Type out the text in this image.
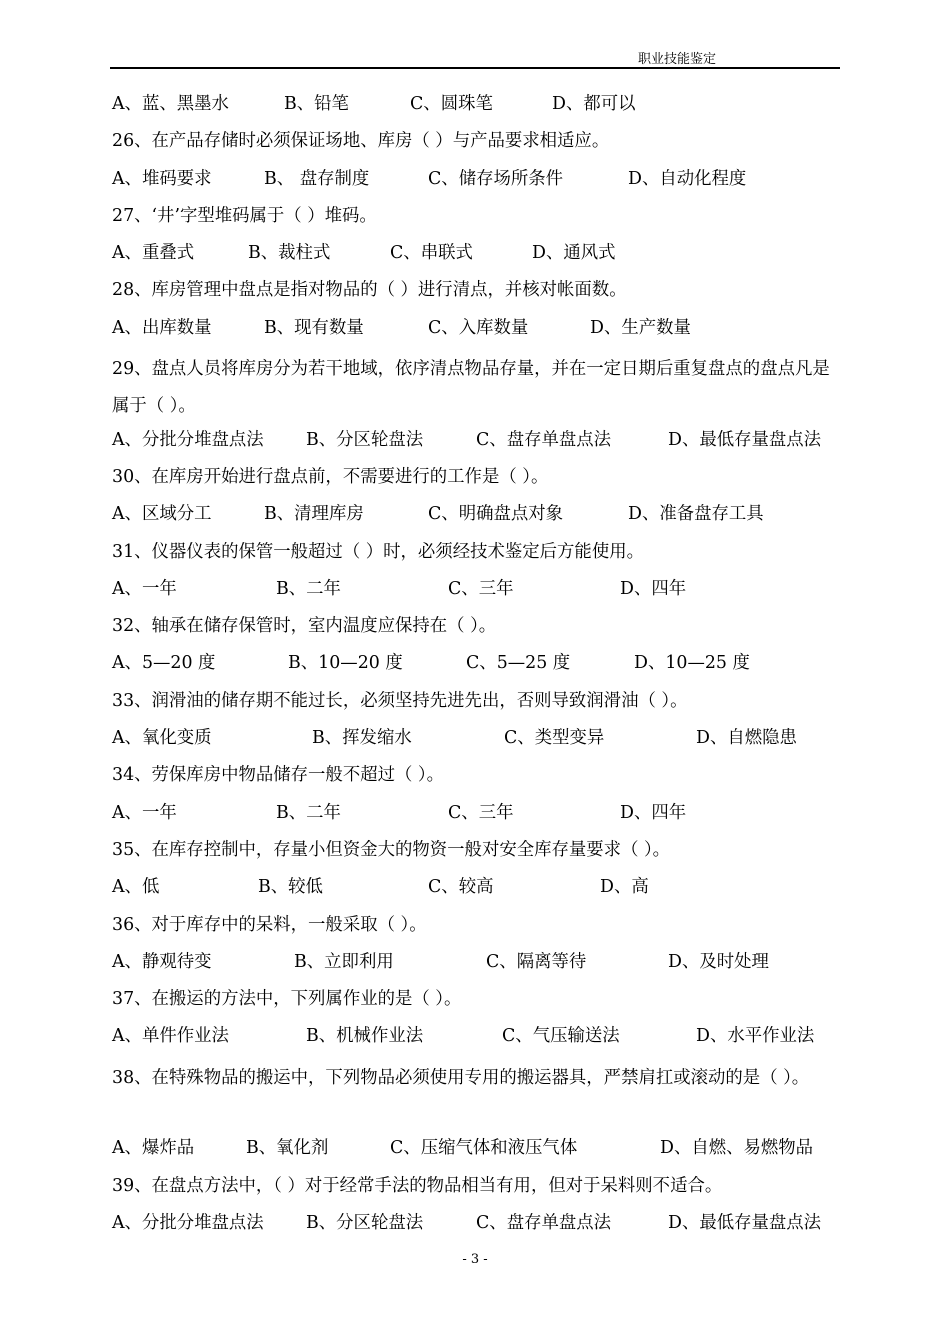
职业技能鉴定
A、蓝、黑墨水	B、铅笔	C、圆珠笔	D、都可以
26、在产品存储时必须保证场地、库房（ ）与产品要求相适应。
A、堆码要求	B、 盘存制度	C、储存场所条件	D、自动化程度
27、‘井’字型堆码属于（ ）堆码。
A、重叠式	B、裁柱式	C、串联式	D、通风式
28、库房管理中盘点是指对物品的（ ）进行清点，并核对帐面数。
A、出库数量	B、现有数量	C、入库数量	D、生产数量
29、盘点人员将库房分为若干地域，依序清点物品存量，并在一定日期后重复盘点的盘点凡是属于（ ）。
A、分批分堆盘点法 B、分区轮盘法	C、盘存单盘点法	D、最低存量盘点法
30、在库房开始进行盘点前，不需要进行的工作是（ ）。
A、区域分工	B、清理库房	C、明确盘点对象	D、准备盘存工具
31、仪器仪表的保管一般超过（ ）时，必须经技术鉴定后方能使用。
A、一年	B、二年	C、三年	D、四年
32、轴承在储存保管时，室内温度应保持在（ ）。
A、5—20 度	B、10—20 度	C、5—25 度	D、10—25 度
33、润滑油的储存期不能过长，必须坚持先进先出，否则导致润滑油（ ）。
A、氧化变质	B、挥发缩水	C、类型变异	D、自燃隐患
34、劳保库房中物品储存一般不超过（ ）。
A、一年	B、二年	C、三年	D、四年
35、在库存控制中，存量小但资金大的物资一般对安全库存量要求（ ）。
A、低	B、较低	C、较高	D、高
36、对于库存中的呆料，一般采取（ ）。
A、静观待变	B、立即利用	C、隔离等待	D、及时处理
37、在搬运的方法中，下列属作业的是（ ）。
A、单件作业法	B、机械作业法	C、气压输送法	D、水平作业法
38、在特殊物品的搬运中，下列物品必须使用专用的搬运器具，严禁肩扛或滚动的是（ ）。
A、爆炸品	B、氧化剂	C、压缩气体和液压气体	D、自燃、易燃物品
39、在盘点方法中，（ ）对于经常手法的物品相当有用，但对于呆料则不适合。
A、分批分堆盘点法 B、分区轮盘法	C、盘存单盘点法	D、最低存量盘点法
- 3 -
